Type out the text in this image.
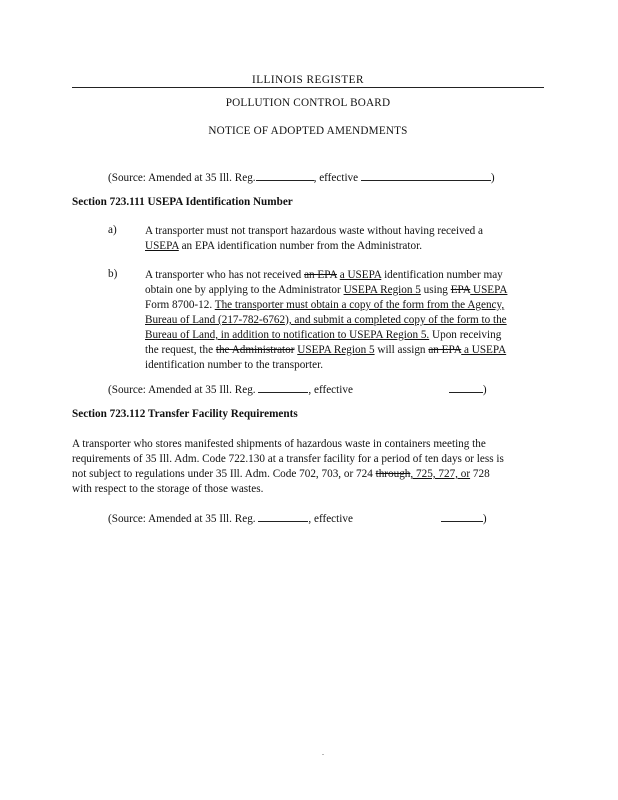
ILLINOIS REGISTER
POLLUTION CONTROL BOARD
NOTICE OF ADOPTED AMENDMENTS
(Source: Amended at 35 Ill. Reg.	, effective	)
Section 723.111 USEPA Identification Number
a)	A transporter must not transport hazardous waste without having received a
USEPA an EPA identification number from the Administrator.
b) A transporter who has not received an EPA a USEPA identification number may
obtain one by applying to the Administrator USEPA Region 5 using EPA USEPA
Form 8700-12. The transporter must obtain a copy of the form from the Agency,
Bureau of Land (217-782-6762), and submit a completed copy of the form to the
Bureau of Land, in addition to notification to USEPA Region 5. Upon receiving
the request, the the Administrator USEPA Region 5 will assign an EPA a USEPA
identification number to the transporter.
(Source: Amended at 35 Ill. Reg.	, effective	)
Section 723.112 Transfer Facility Requirements
A transporter who stores manifested shipments of hazardous waste in containers meeting the
requirements of 35 Ill. Adm. Code 722.130 at a transfer facility for a period of ten days or less is
not subject to regulations under 35 Ill. Adm. Code 702, 703, or 724 through, 725, 727, or 728
with respect to the storage of those wastes.
(Source: Amended at 35 Ill. Reg.	, effective	)
.
